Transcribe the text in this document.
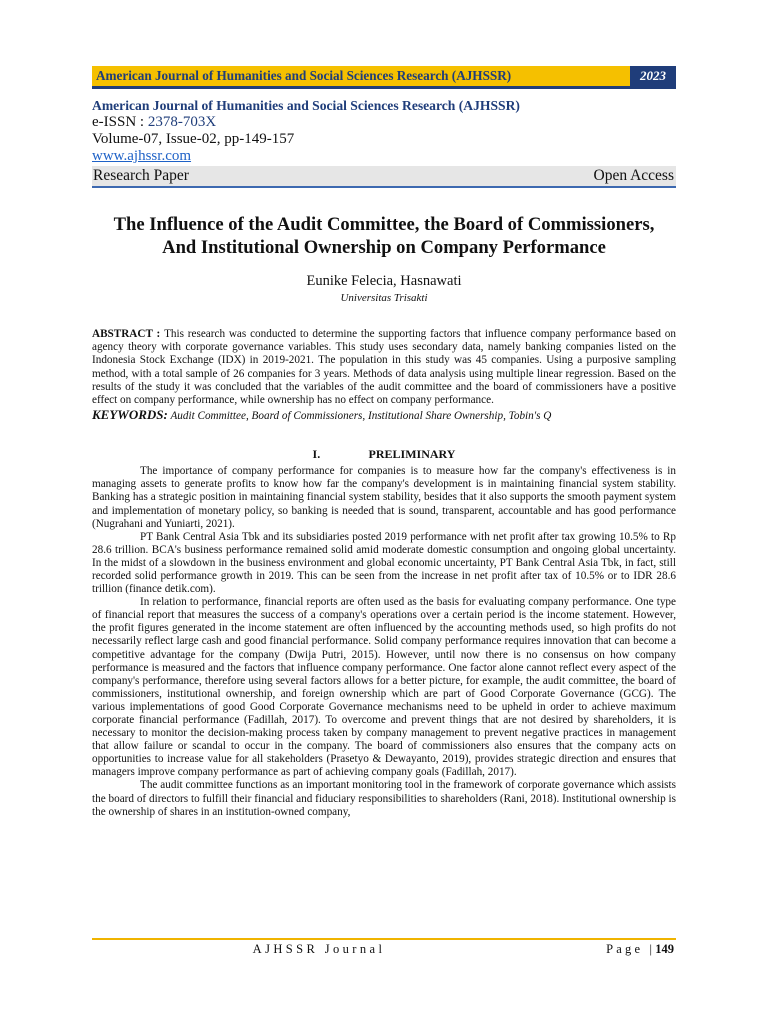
American Journal of Humanities and Social Sciences Research (AJHSSR)	2023
American Journal of Humanities and Social Sciences Research (AJHSSR)
e-ISSN : 2378-703X
Volume-07, Issue-02, pp-149-157
www.ajhssr.com
Research Paper	Open Access
The Influence of the Audit Committee, the Board of Commissioners, And Institutional Ownership on Company Performance
Eunike Felecia, Hasnawati
Universitas Trisakti
ABSTRACT : This research was conducted to determine the supporting factors that influence company performance based on agency theory with corporate governance variables. This study uses secondary data, namely banking companies listed on the Indonesia Stock Exchange (IDX) in 2019-2021. The population in this study was 45 companies. Using a purposive sampling method, with a total sample of 26 companies for 3 years. Methods of data analysis using multiple linear regression. Based on the results of the study it was concluded that the variables of the audit committee and the board of commissioners have a positive effect on company performance, while ownership has no effect on company performance.
KEYWORDS: Audit Committee, Board of Commissioners, Institutional Share Ownership, Tobin's Q
I.	PRELIMINARY

The importance of company performance for companies is to measure how far the company's effectiveness is in managing assets to generate profits to know how far the company's development is in maintaining financial system stability. Banking has a strategic position in maintaining financial system stability, besides that it also supports the smooth payment system and implementation of monetary policy, so banking is needed that is sound, transparent, accountable and has good performance (Nugrahani and Yuniarti, 2021).

PT Bank Central Asia Tbk and its subsidiaries posted 2019 performance with net profit after tax growing 10.5% to Rp 28.6 trillion. BCA's business performance remained solid amid moderate domestic consumption and ongoing global uncertainty. In the midst of a slowdown in the business environment and global economic uncertainty, PT Bank Central Asia Tbk, in fact, still recorded solid performance growth in 2019. This can be seen from the increase in net profit after tax of 10.5% or to IDR 28.6 trillion (finance detik.com).

In relation to performance, financial reports are often used as the basis for evaluating company performance. One type of financial report that measures the success of a company's operations over a certain period is the income statement. However, the profit figures generated in the income statement are often influenced by the accounting methods used, so high profits do not necessarily reflect large cash and good financial performance. Solid company performance requires innovation that can become a competitive advantage for the company (Dwija Putri, 2015). However, until now there is no consensus on how company performance is measured and the factors that influence company performance. One factor alone cannot reflect every aspect of the company's performance, therefore using several factors allows for a better picture, for example, the audit committee, the board of commissioners, institutional ownership, and foreign ownership which are part of Good Corporate Governance (GCG). The various implementations of good Good Corporate Governance mechanisms need to be upheld in order to achieve maximum corporate financial performance (Fadillah, 2017). To overcome and prevent things that are not desired by shareholders, it is necessary to monitor the decision-making process taken by company management to prevent negative practices in management that allow failure or scandal to occur in the company. The board of commissioners also ensures that the company acts on opportunities to increase value for all stakeholders (Prasetyo & Dewayanto, 2019), provides strategic direction and ensures that managers improve company performance as part of achieving company goals (Fadillah, 2017).

The audit committee functions as an important monitoring tool in the framework of corporate governance which assists the board of directors to fulfill their financial and fiduciary responsibilities to shareholders (Rani, 2018). Institutional ownership is the ownership of shares in an institution-owned company,

AJHSSR Journal	Page |149
